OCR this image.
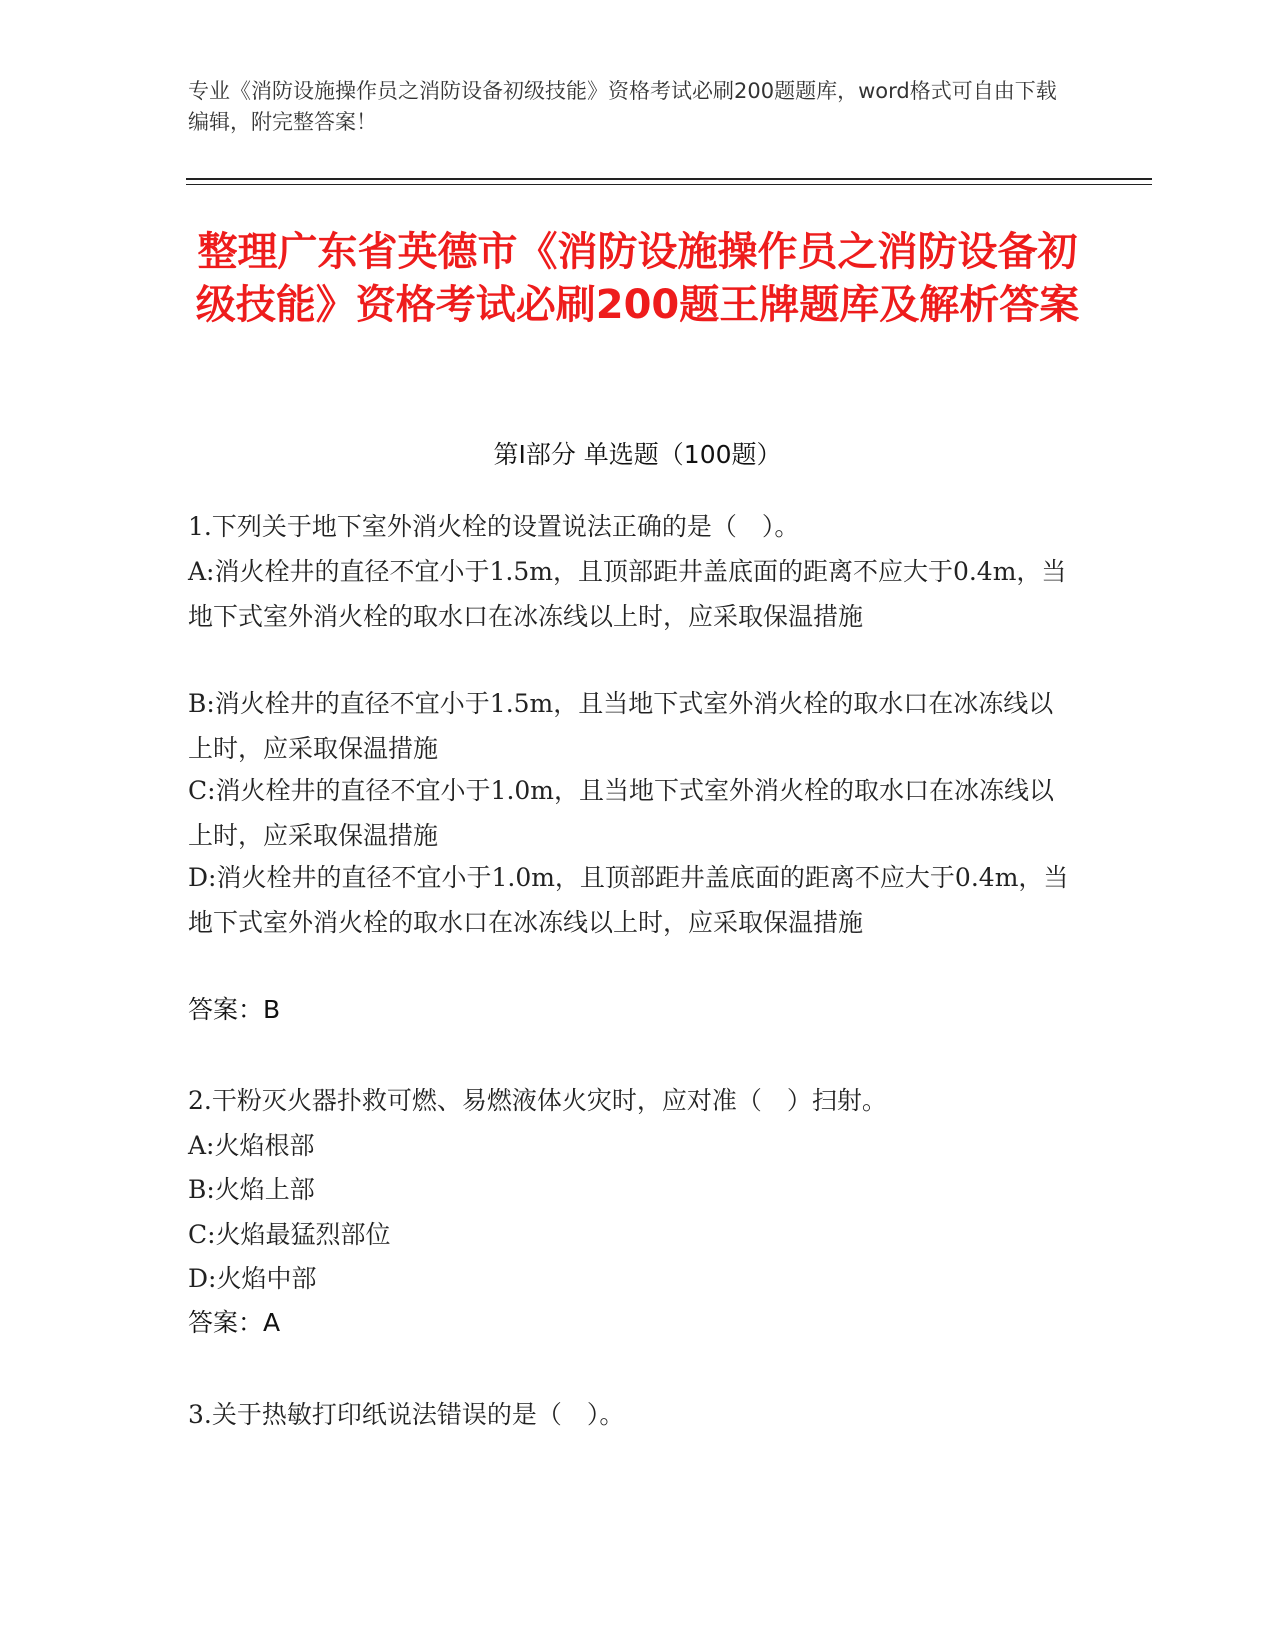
专业《消防设施操作员之消防设备初级技能》资格考试必刷200题题库，word格式可自由下载编辑，附完整答案！
整理广东省英德市《消防设施操作员之消防设备初级技能》资格考试必刷200题王牌题库及解析答案
第Ⅰ部分 单选题（100题）
1.下列关于地下室外消火栓的设置说法正确的是（　）。
A:消火栓井的直径不宜小于1.5m，且顶部距井盖底面的距离不应大于0.4m，当地下式室外消火栓的取水口在冰冻线以上时，应采取保温措施
B:消火栓井的直径不宜小于1.5m，且当地下式室外消火栓的取水口在冰冻线以上时，应采取保温措施
C:消火栓井的直径不宜小于1.0m，且当地下式室外消火栓的取水口在冰冻线以上时，应采取保温措施
D:消火栓井的直径不宜小于1.0m，且顶部距井盖底面的距离不应大于0.4m，当地下式室外消火栓的取水口在冰冻线以上时，应采取保温措施
答案：B
2.干粉灭火器扑救可燃、易燃液体火灾时，应对准（　）扫射。
A:火焰根部
B:火焰上部
C:火焰最猛烈部位
D:火焰中部
答案：A
3.关于热敏打印纸说法错误的是（　）。
